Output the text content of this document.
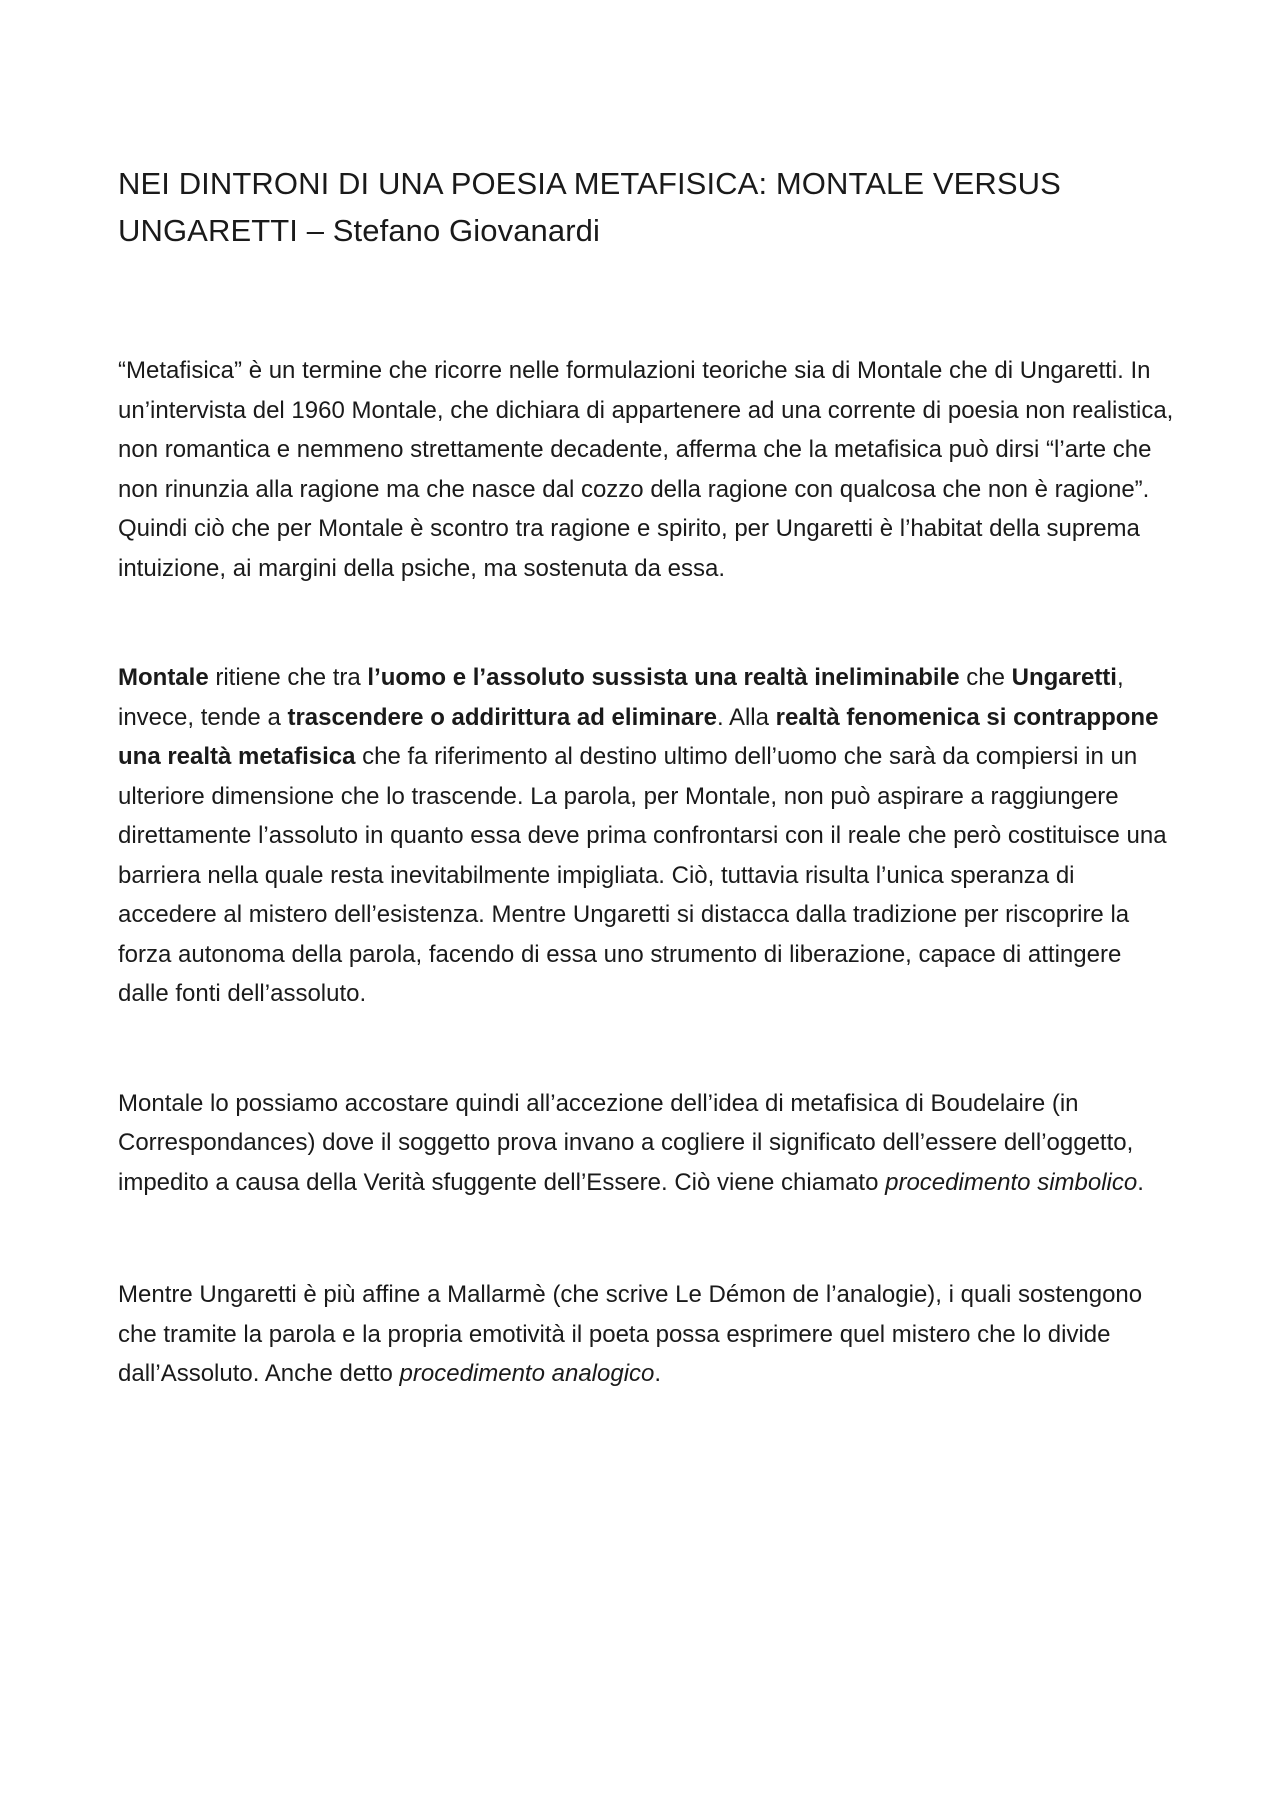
NEI DINTRONI DI UNA POESIA METAFISICA: MONTALE VERSUS UNGARETTI – Stefano Giovanardi

“Metafisica” è un termine che ricorre nelle formulazioni teoriche sia di Montale che di Ungaretti. In un’intervista del 1960 Montale, che dichiara di appartenere ad una corrente di poesia non realistica, non romantica e nemmeno strettamente decadente, afferma che la metafisica può dirsi “l’arte che non rinunzia alla ragione ma che nasce dal cozzo della ragione con qualcosa che non è ragione”. Quindi ciò che per Montale è scontro tra ragione e spirito, per Ungaretti è l’habitat della suprema intuizione, ai margini della psiche, ma sostenuta da essa.

Montale ritiene che tra l’uomo e l’assoluto sussista una realtà ineliminabile che Ungaretti, invece, tende a trascendere o addirittura ad eliminare. Alla realtà fenomenica si contrappone una realtà metafisica che fa riferimento al destino ultimo dell’uomo che sarà da compiersi in un ulteriore dimensione che lo trascende. La parola, per Montale, non può aspirare a raggiungere direttamente l’assoluto in quanto essa deve prima confrontarsi con il reale che però costituisce una barriera nella quale resta inevitabilmente impigliata. Ciò, tuttavia risulta l’unica speranza di accedere al mistero dell’esistenza. Mentre Ungaretti si distacca dalla tradizione per riscoprire la forza autonoma della parola, facendo di essa uno strumento di liberazione, capace di attingere dalle fonti dell’assoluto.

Montale lo possiamo accostare quindi all’accezione dell’idea di metafisica di Boudelaire (in Correspondances) dove il soggetto prova invano a cogliere il significato dell’essere dell’oggetto, impedito a causa della Verità sfuggente dell’Essere. Ciò viene chiamato procedimento simbolico.

Mentre Ungaretti è più affine a Mallarmè (che scrive Le Démon de l’analogie), i quali sostengono che tramite la parola e la propria emotività il poeta possa esprimere quel mistero che lo divide dall’Assoluto. Anche detto procedimento analogico.
